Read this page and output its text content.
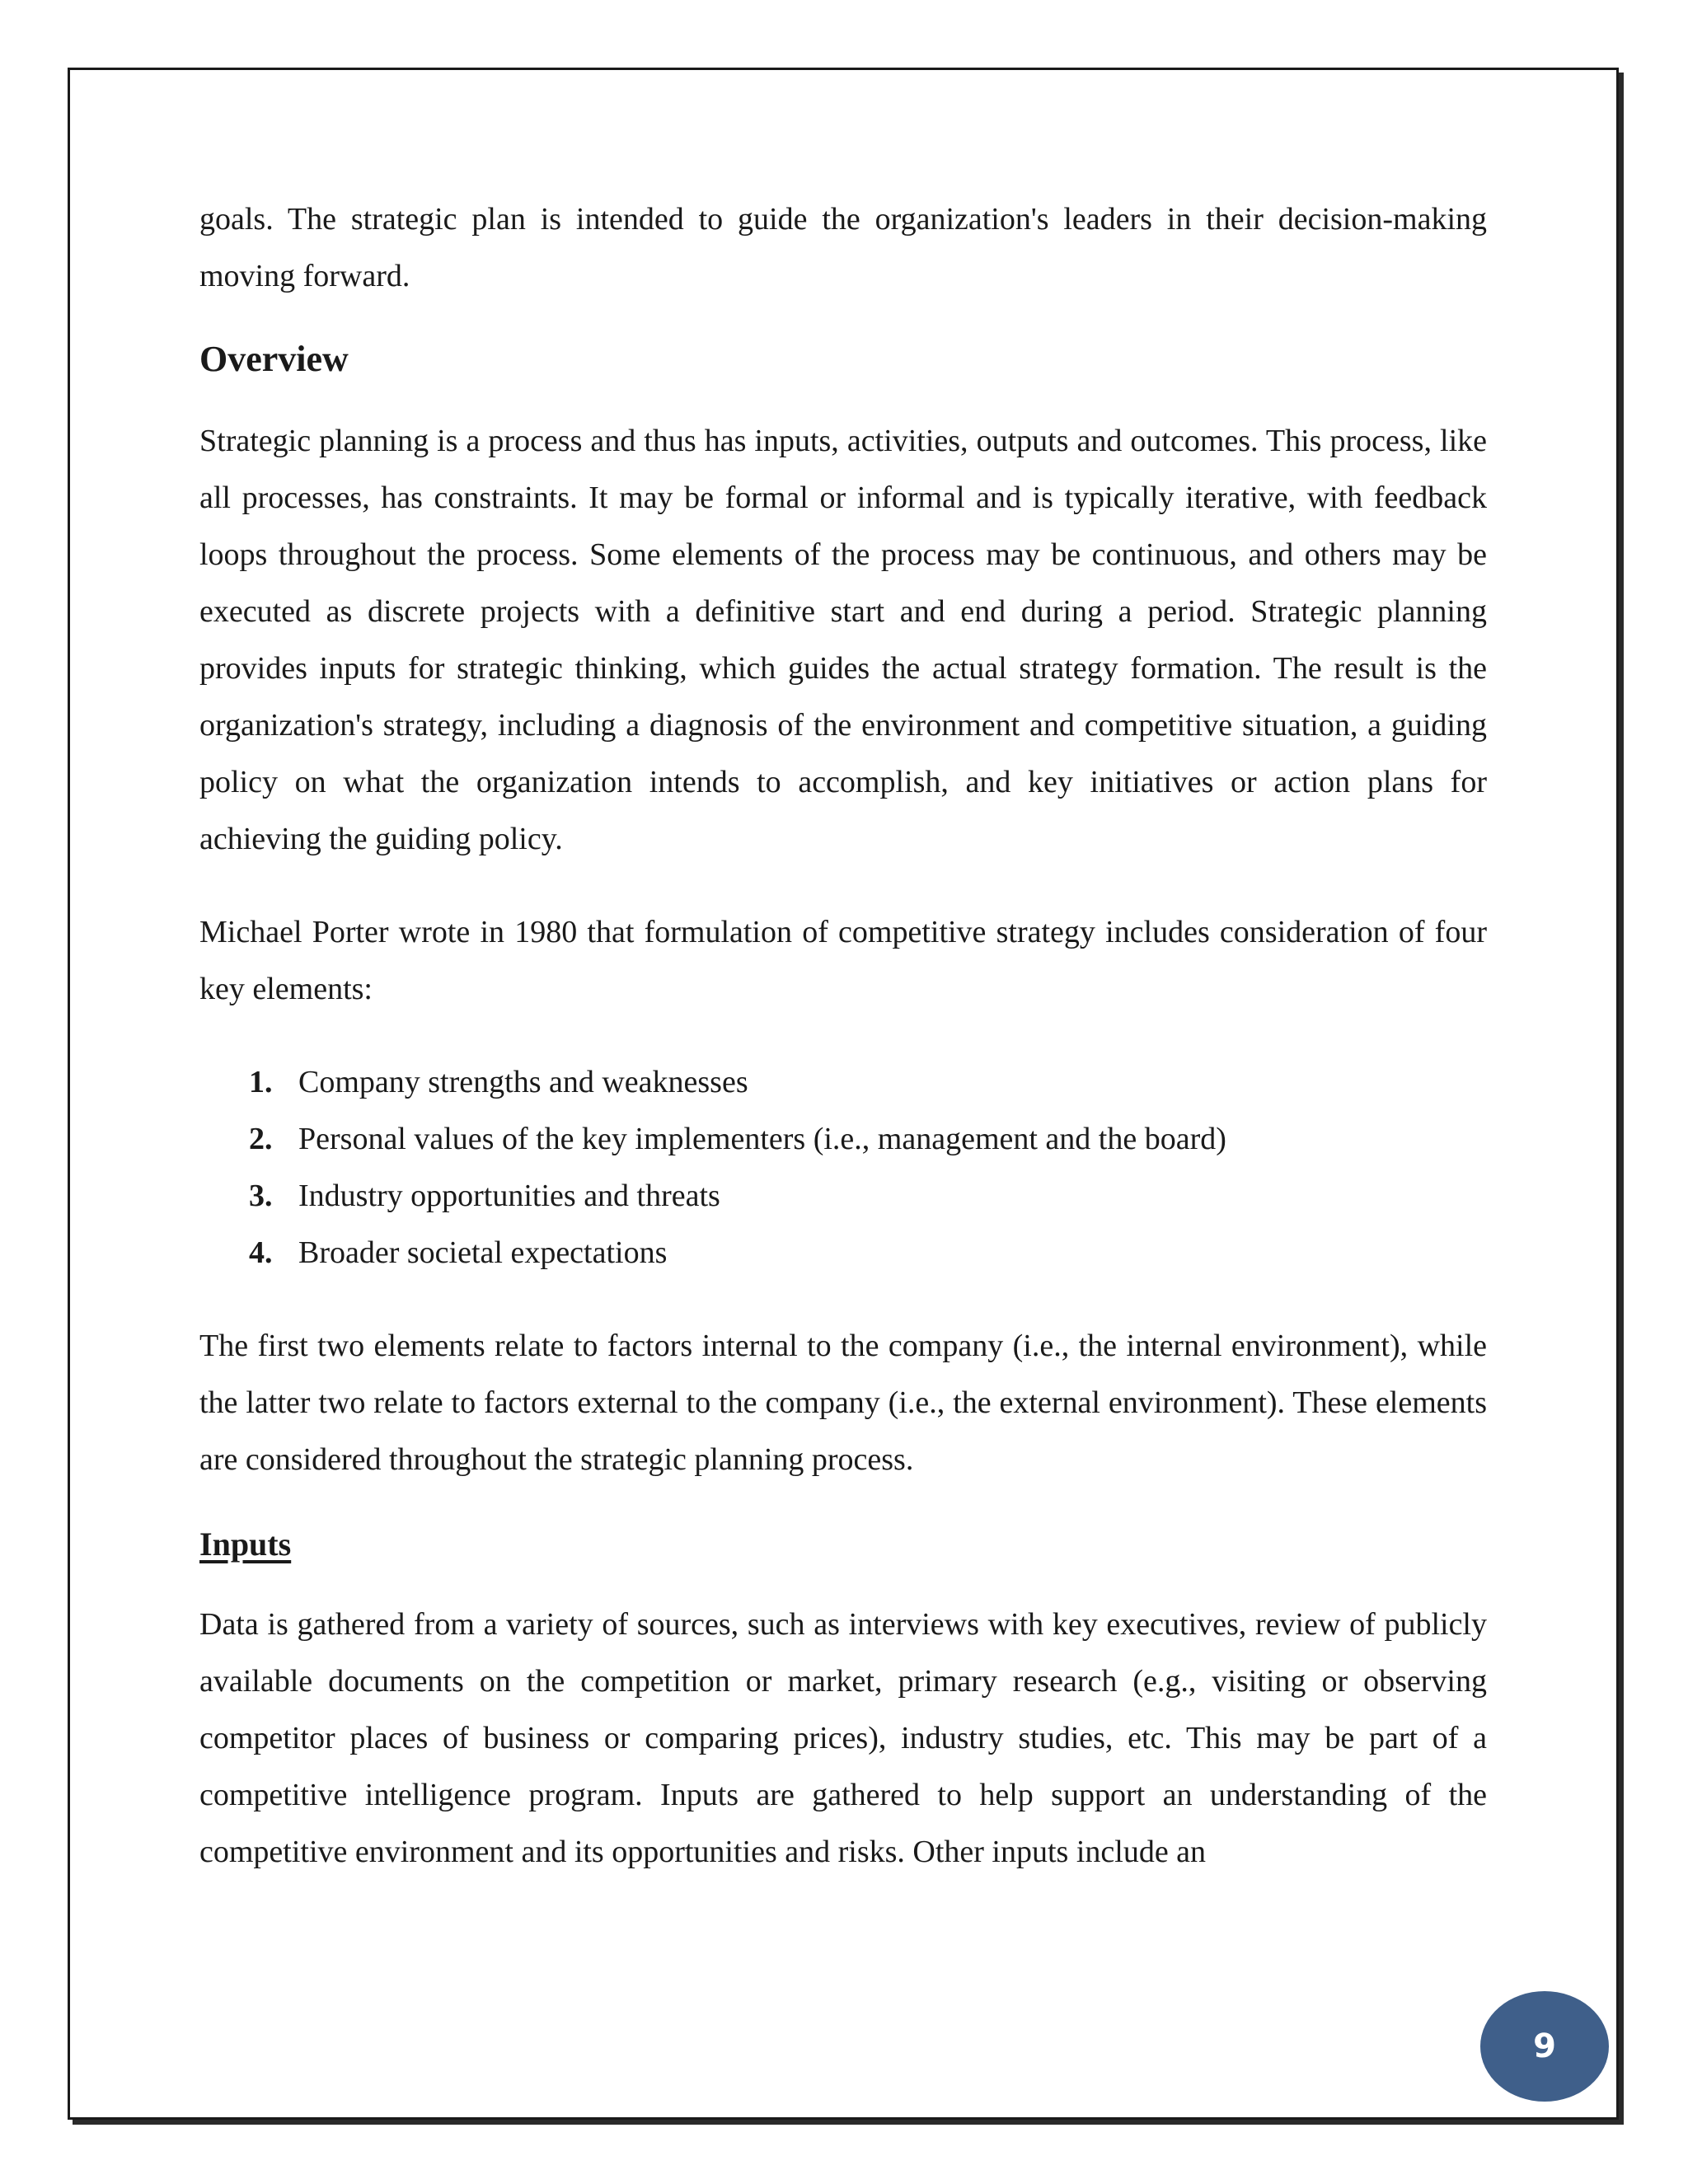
goals. The strategic plan is intended to guide the organization's leaders in their decision-making moving forward.

Overview

Strategic planning is a process and thus has inputs, activities, outputs and outcomes. This process, like all processes, has constraints. It may be formal or informal and is typically iterative, with feedback loops throughout the process. Some elements of the process may be continuous, and others may be executed as discrete projects with a definitive start and end during a period. Strategic planning provides inputs for strategic thinking, which guides the actual strategy formation. The result is the organization's strategy, including a diagnosis of the environment and competitive situation, a guiding policy on what the organization intends to accomplish, and key initiatives or action plans for achieving the guiding policy.

Michael Porter wrote in 1980 that formulation of competitive strategy includes consideration of four key elements:

1. Company strengths and weaknesses
2. Personal values of the key implementers (i.e., management and the board)
3. Industry opportunities and threats
4. Broader societal expectations

The first two elements relate to factors internal to the company (i.e., the internal environment), while the latter two relate to factors external to the company (i.e., the external environment). These elements are considered throughout the strategic planning process.

Inputs

Data is gathered from a variety of sources, such as interviews with key executives, review of publicly available documents on the competition or market, primary research (e.g., visiting or observing competitor places of business or comparing prices), industry studies, etc. This may be part of a competitive intelligence program. Inputs are gathered to help support an understanding of the competitive environment and its opportunities and risks. Other inputs include an

9
